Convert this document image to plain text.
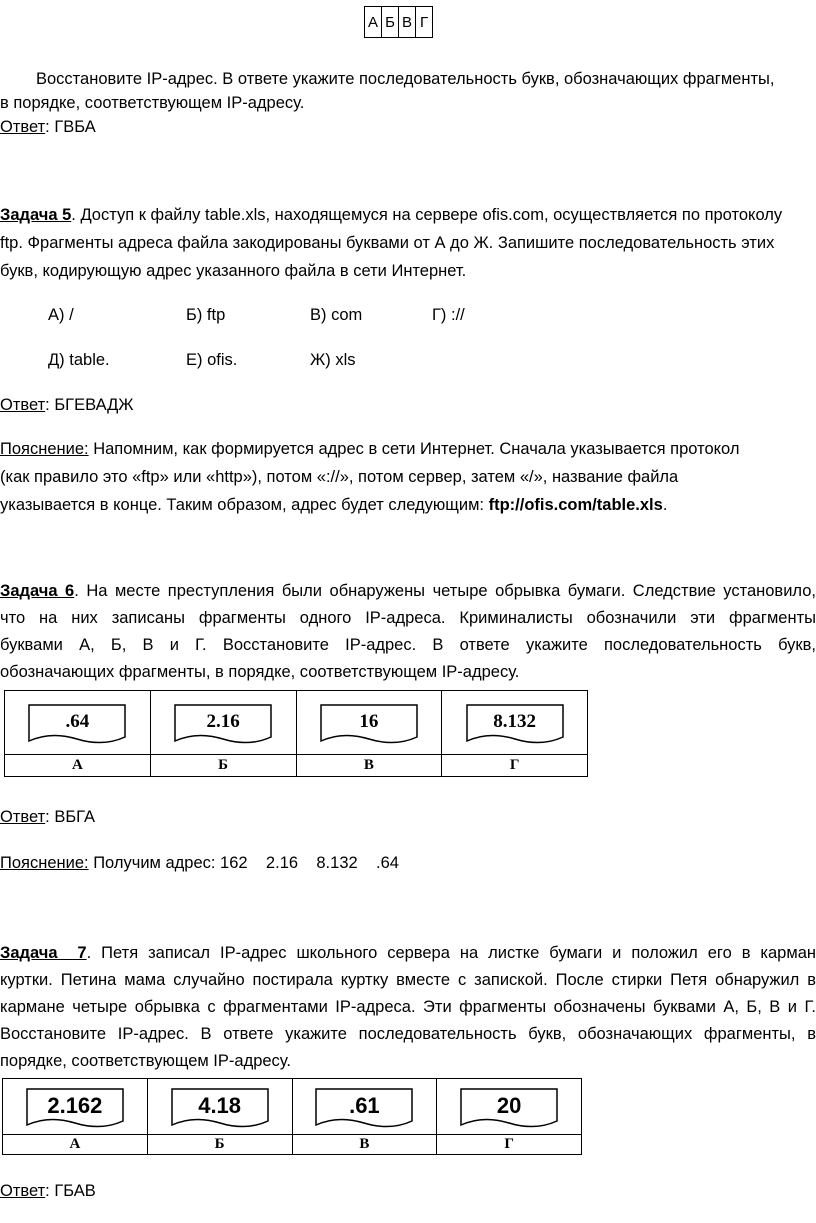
А	Б	В	Г
Восстановите IP-адрес. В ответе укажите последовательность букв, обозначающих фрагменты,
в порядке, соответствующем IP-адресу.
Ответ: ГВБА
Задача 5. Доступ к файлу table.xls, находящемуся на сервере ofis.com, осуществляется по протоколу
ftp. Фрагменты адреса файла закодированы буквами от А до Ж. Запишите последовательность этих
букв, кодирующую адрес указанного файла в сети Интернет.
А) /	Б) ftp	В) com	Г) ://
Д) table.	Е) ofis.	Ж) xls
Ответ: БГЕВАДЖ
Пояснение: Напомним, как формируется адрес в сети Интернет. Сначала указывается протокол
(как правило это «ftp» или «http»), потом «://», потом сервер, затем «/», название файла
указывается в конце. Таким образом, адрес будет следующим: ftp://ofis.com/table.xls.
Задача 6. На месте преступления были обнаружены четыре обрывка бумаги. Следствие установило,
что на них записаны фрагменты одного IP-адреса. Криминалисты обозначили эти фрагменты
буквами А, Б, В и Г. Восстановите IP-адрес. В ответе укажите последовательность букв,
обозначающих фрагменты, в порядке, соответствующем IP-адресу.
.64	2.16	16	8.132

А	Б	В	Г
Ответ: ВБГА
Пояснение: Получим адрес: 162    2.16    8.132    .64
Задача  7. Петя записал IP-адрес школьного сервера на листке бумаги и положил его в карман
куртки. Петина мама случайно постирала куртку вместе с запиской. После стирки Петя обнаружил в
кармане четыре обрывка с фрагментами IP-адреса. Эти фрагменты обозначены буквами А, Б, В и Г.
Восстановите IP-адрес. В ответе укажите последовательность букв, обозначающих фрагменты, в
порядке, соответствующем IP-адресу.
2.162	4.18	.61	20

А	Б	В	Г
Ответ: ГБАВ
